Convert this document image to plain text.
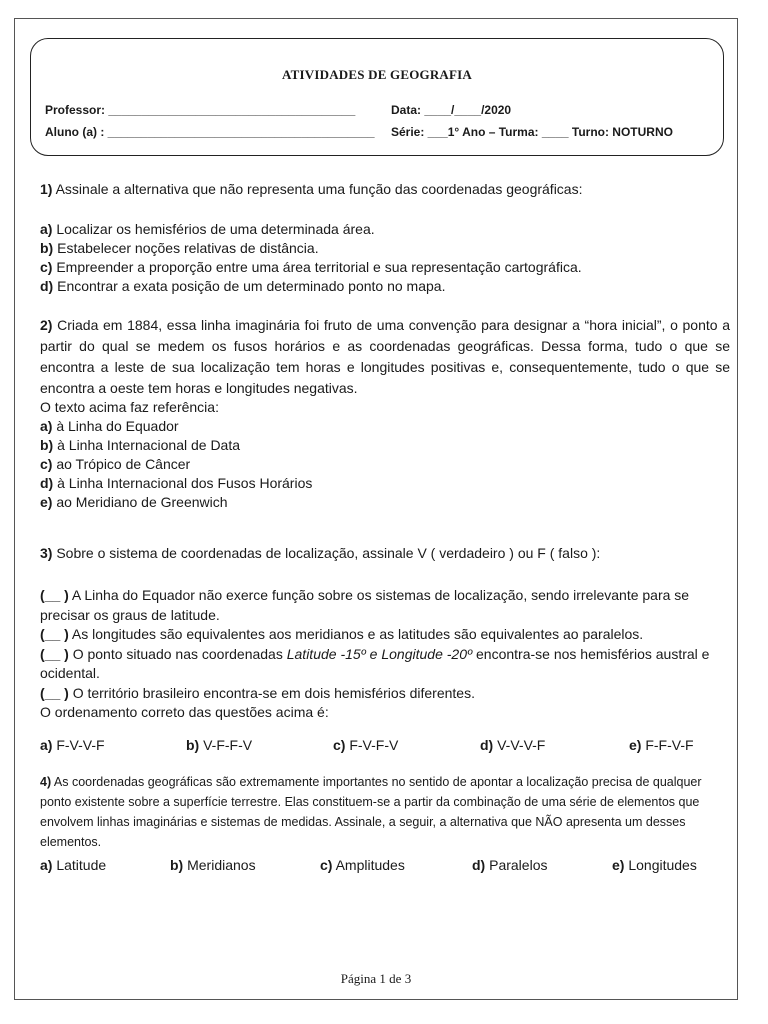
ATIVIDADES DE GEOGRAFIA
Professor: _____________________________________	Data: ____/____/2020
Aluno (a) : ________________________________________ Série: ___1° Ano – Turma: ____ Turno: NOTURNO

1) Assinale a alternativa que não representa uma função das coordenadas geográficas:

a) Localizar os hemisférios de uma determinada área.

b) Estabelecer noções relativas de distância.

c) Empreender a proporção entre uma área territorial e sua representação cartográfica.

d) Encontrar a exata posição de um determinado ponto no mapa.

2) Criada em 1884, essa linha imaginária foi fruto de uma convenção para designar a “hora inicial”, o ponto a partir do qual se medem os fusos horários e as coordenadas geográficas. Dessa forma, tudo o que se encontra a leste de sua localização tem horas e longitudes positivas e, consequentemente, tudo o que se encontra a oeste tem horas e longitudes negativas.

O texto acima faz referência:

a) à Linha do Equador

b) à Linha Internacional de Data

c) ao Trópico de Câncer

d) à Linha Internacional dos Fusos Horários

e) ao Meridiano de Greenwich

3) Sobre o sistema de coordenadas de localização, assinale V ( verdadeiro ) ou F ( falso ):

(__ ) A Linha do Equador não exerce função sobre os sistemas de localização, sendo irrelevante para se precisar os graus de latitude.

(__ ) As longitudes são equivalentes aos meridianos e as latitudes são equivalentes ao paralelos.

(__ ) O ponto situado nas coordenadas Latitude -15º e Longitude -20º encontra-se nos hemisférios austral e ocidental.

(__ ) O território brasileiro encontra-se em dois hemisférios diferentes.

O ordenamento correto das questões acima é:

a) F-V-V-F	b) V-F-F-V	c) F-V-F-V	d) V-V-V-F	e) F-F-V-F

4) As coordenadas geográficas são extremamente importantes no sentido de apontar a localização precisa de qualquer ponto existente sobre a superfície terrestre. Elas constituem-se a partir da combinação de uma série de elementos que envolvem linhas imaginárias e sistemas de medidas. Assinale, a seguir, a alternativa que NÃO apresenta um desses elementos.

a) Latitude	b) Meridianos	c) Amplitudes	d) Paralelos	e) Longitudes
Página 1 de 3
